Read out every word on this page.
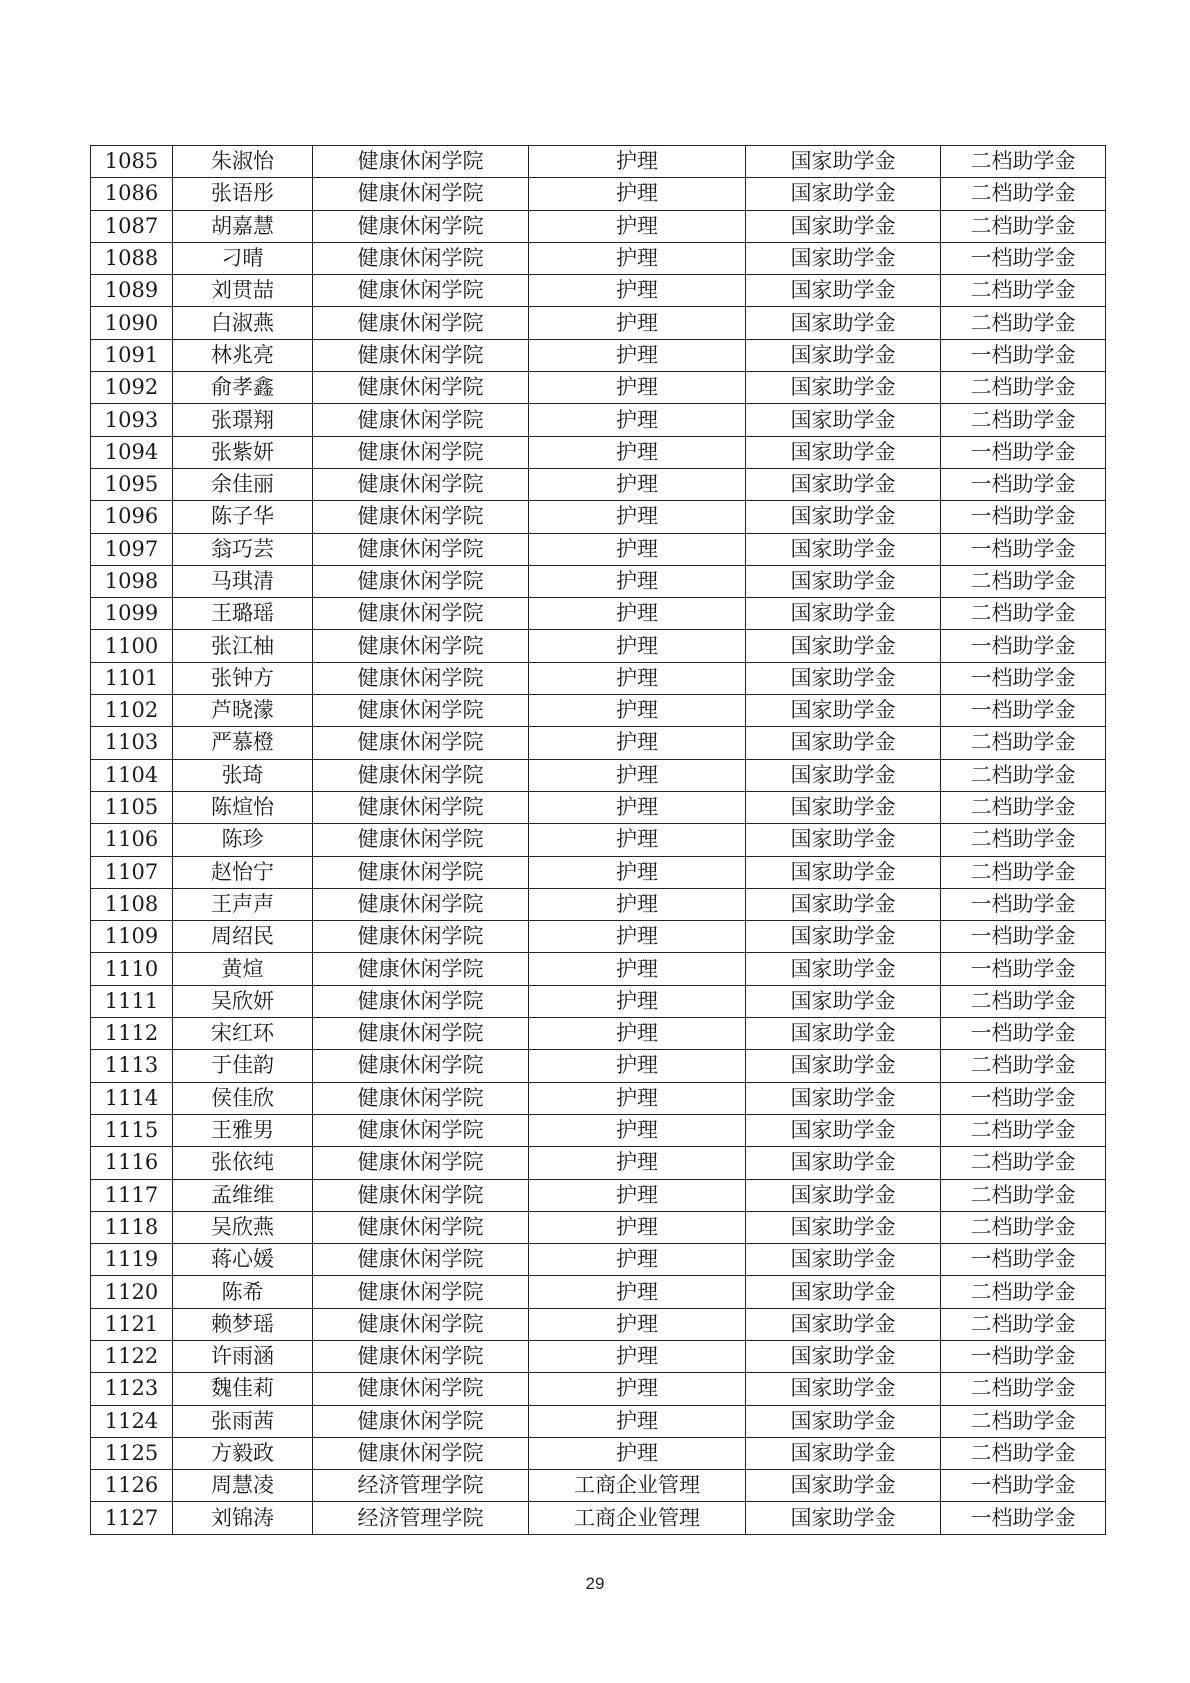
1085	朱淑怡	健康休闲学院	护理	国家助学金	二档助学金
1086	张语彤	健康休闲学院	护理	国家助学金	二档助学金
1087	胡嘉慧	健康休闲学院	护理	国家助学金	二档助学金
1088	刁晴	健康休闲学院	护理	国家助学金	一档助学金
1089	刘贯喆	健康休闲学院	护理	国家助学金	二档助学金
1090	白淑燕	健康休闲学院	护理	国家助学金	二档助学金
1091	林兆亮	健康休闲学院	护理	国家助学金	一档助学金
1092	俞孝鑫	健康休闲学院	护理	国家助学金	二档助学金
1093	张璟翔	健康休闲学院	护理	国家助学金	二档助学金
1094	张紫妍	健康休闲学院	护理	国家助学金	一档助学金
1095	余佳丽	健康休闲学院	护理	国家助学金	一档助学金
1096	陈子华	健康休闲学院	护理	国家助学金	一档助学金
1097	翁巧芸	健康休闲学院	护理	国家助学金	一档助学金
1098	马琪清	健康休闲学院	护理	国家助学金	二档助学金
1099	王璐瑶	健康休闲学院	护理	国家助学金	二档助学金
1100	张江柚	健康休闲学院	护理	国家助学金	一档助学金
1101	张钟方	健康休闲学院	护理	国家助学金	一档助学金
1102	芦晓濛	健康休闲学院	护理	国家助学金	一档助学金
1103	严慕橙	健康休闲学院	护理	国家助学金	二档助学金
1104	张琦	健康休闲学院	护理	国家助学金	二档助学金
1105	陈煊怡	健康休闲学院	护理	国家助学金	二档助学金
1106	陈珍	健康休闲学院	护理	国家助学金	二档助学金
1107	赵怡宁	健康休闲学院	护理	国家助学金	二档助学金
1108	王声声	健康休闲学院	护理	国家助学金	一档助学金
1109	周绍民	健康休闲学院	护理	国家助学金	一档助学金
1110	黄煊	健康休闲学院	护理	国家助学金	一档助学金
1111	吴欣妍	健康休闲学院	护理	国家助学金	二档助学金
1112	宋红环	健康休闲学院	护理	国家助学金	一档助学金
1113	于佳韵	健康休闲学院	护理	国家助学金	二档助学金
1114	侯佳欣	健康休闲学院	护理	国家助学金	一档助学金
1115	王雅男	健康休闲学院	护理	国家助学金	二档助学金
1116	张依纯	健康休闲学院	护理	国家助学金	二档助学金
1117	孟维维	健康休闲学院	护理	国家助学金	二档助学金
1118	吴欣燕	健康休闲学院	护理	国家助学金	二档助学金
1119	蒋心媛	健康休闲学院	护理	国家助学金	一档助学金
1120	陈希	健康休闲学院	护理	国家助学金	二档助学金
1121	赖梦瑶	健康休闲学院	护理	国家助学金	二档助学金
1122	许雨涵	健康休闲学院	护理	国家助学金	一档助学金
1123	魏佳莉	健康休闲学院	护理	国家助学金	二档助学金
1124	张雨茜	健康休闲学院	护理	国家助学金	二档助学金
1125	方毅政	健康休闲学院	护理	国家助学金	二档助学金
1126	周慧凌	经济管理学院	工商企业管理	国家助学金	一档助学金
1127	刘锦涛	经济管理学院	工商企业管理	国家助学金	一档助学金
29
